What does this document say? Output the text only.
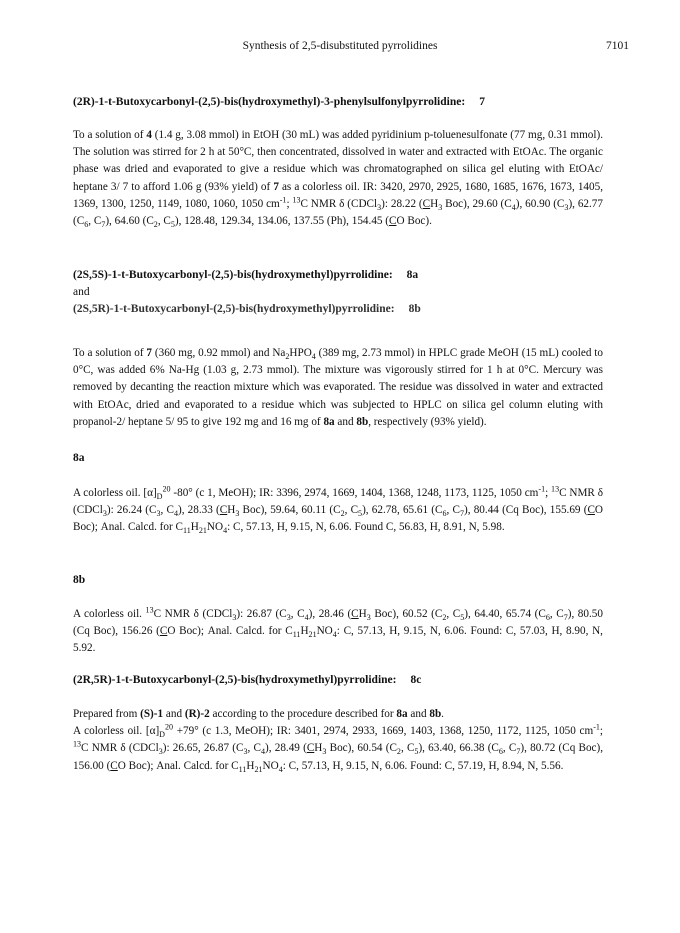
Synthesis of 2,5-disubstituted pyrrolidines	7101
(2R)-1-t-Butoxycarbonyl-(2,5)-bis(hydroxymethyl)-3-phenylsulfonylpyrrolidine: 7
To a solution of 4 (1.4 g, 3.08 mmol) in EtOH (30 mL) was added pyridinium p-toluenesulfonate (77 mg, 0.31 mmol). The solution was stirred for 2 h at 50°C, then concentrated, dissolved in water and extracted with EtOAc. The organic phase was dried and evaporated to give a residue which was chromatographed on silica gel eluting with EtOAc/ heptane 3/ 7 to afford 1.06 g (93% yield) of 7 as a colorless oil. IR: 3420, 2970, 2925, 1680, 1685, 1676, 1673, 1405, 1369, 1300, 1250, 1149, 1080, 1060, 1050 $cm^{-1}$; $^{13}$C NMR δ (CDCl$_3$): 28.22 ($CH_3$ Boc), 29.60 $(C_4)$, 60.90 $(C_3)$, 62.77 ($C_6$, $C_7$), 64.60 ($C_2$, $C_5$), 128.48, 129.34, 134.06, 137.55 (Ph), 154.45 (CO Boc).
(2S,5S)-1-t-Butoxycarbonyl-(2,5)-bis(hydroxymethyl)pyrrolidine: 8a
and
(2S,5R)-1-t-Butoxycarbonyl-(2,5)-bis(hydroxymethyl)pyrrolidine: 8b
To a solution of 7 (360 mg, 0.92 mmol) and $Na_2HPO_4$ (389 mg, 2.73 mmol) in HPLC grade MeOH (15 mL) cooled to 0°C, was added 6% Na-Hg (1.03 g, 2.73 mmol). The mixture was vigorously stirred for 1 h at 0°C. Mercury was removed by decanting the reaction mixture which was evaporated. The residue was dissolved in water and extracted with EtOAc, dried and evaporated to a residue which was subjected to HPLC on silica gel column eluting with propanol-2/ heptane 5/ 95 to give 192 mg and 16 mg of 8a and 8b, respectively (93% yield).
8a
A colorless oil. $[\alpha]_D^{20}$ -80° (c 1, MeOH); IR: 3396, 2974, 1669, 1404, 1368, 1248, 1173, 1125, 1050 $cm^{-1}$; $^{13}$C NMR δ (CDCl$_3$): 26.24 ($C_3$, $C_4$), 28.33 ($CH_3$ Boc), 59.64, 60.11 ($C_2$, $C_5$), 62.78, 65.61 ($C_6$, $C_7$), 80.44 (Cq Boc), 155.69 (CO Boc); Anal. Calcd. for $C_{11}H_{21}NO_4$: C, 57.13, H, 9.15, N, 6.06. Found C, 56.83, H, 8.91, N, 5.98.
8b
A colorless oil. $^{13}$C NMR δ (CDCl$_3$): 26.87 ($C_3$, $C_4$), 28.46 ($CH_3$ Boc), 60.52 ($C_2$, $C_5$), 64.40, 65.74 ($C_6$, $C_7$), 80.50 (Cq Boc), 156.26 (CO Boc); Anal. Calcd. for $C_{11}H_{21}NO_4$: C, 57.13, H, 9.15, N, 6.06. Found: C, 57.03, H, 8.90, N, 5.92.
(2R,5R)-1-t-Butoxycarbonyl-(2,5)-bis(hydroxymethyl)pyrrolidine: 8c
Prepared from (S)-1 and (R)-2 according to the procedure described for 8a and 8b.
A colorless oil. $[\alpha]_D^{20} +79^\circ$ (c 1.3, MeOH); IR: 3401, 2974, 2933, 1669, 1403, 1368, 1250, 1172, 1125, 1050 $cm^{-1}$; $^{13}$C NMR δ (CDCl$_3$): 26.65, 26.87 ($C_3$, $C_4$), 28.49 ($CH_3$ Boc), 60.54 ($C_2$, $C_5$), 63.40, 66.38 ($C_6$, $C_7$), 80.72 (Cq Boc), 156.00 (CO Boc); Anal. Calcd. for $C_{11}H_{21}NO_4$: C, 57.13, H, 9.15, N, 6.06. Found: C, 57.19, H, 8.94, N, 5.56.
